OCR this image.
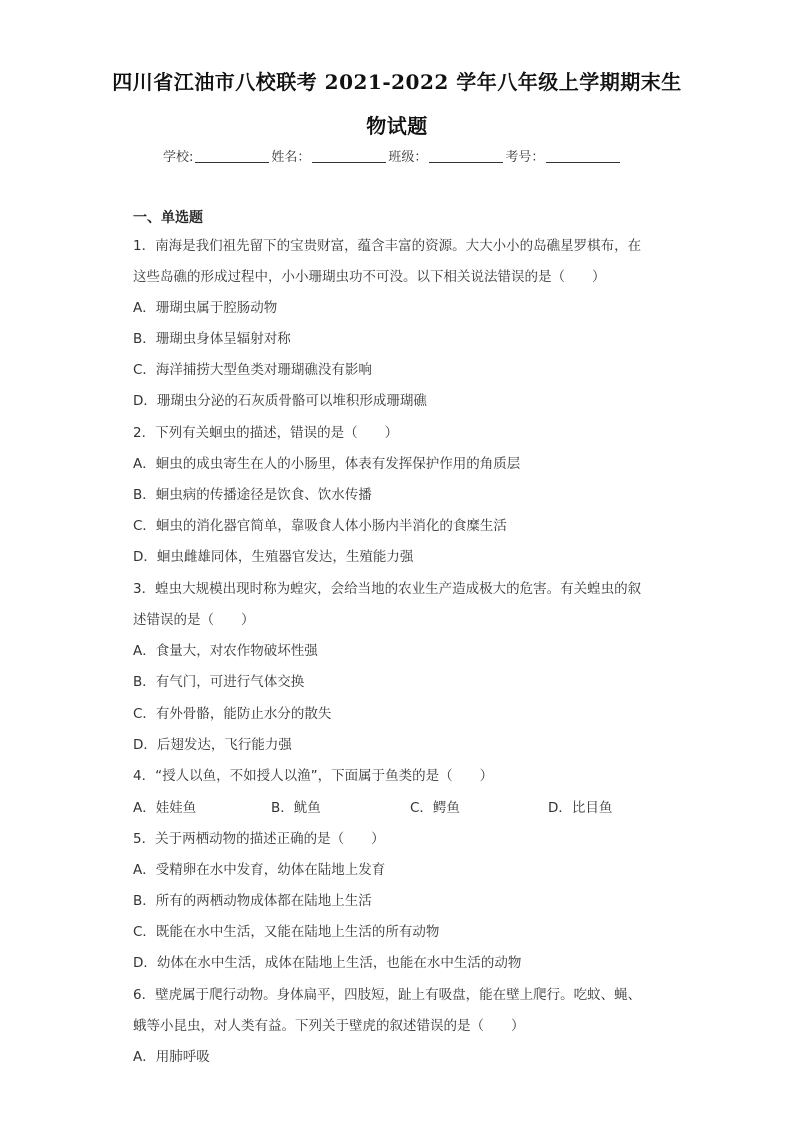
四川省江油市八校联考 2021-2022 学年八年级上学期期末生
物试题
学校:	姓名：	班级：	考号：
一、单选题
1．南海是我们祖先留下的宝贵财富，蕴含丰富的资源。大大小小的岛礁星罗棋布，在
这些岛礁的形成过程中，小小珊瑚虫功不可没。以下相关说法错误的是（　　）
A．珊瑚虫属于腔肠动物
B．珊瑚虫身体呈辐射对称
C．海洋捕捞大型鱼类对珊瑚礁没有影响
D．珊瑚虫分泌的石灰质骨骼可以堆积形成珊瑚礁
2．下列有关蛔虫的描述，错误的是（　　）
A．蛔虫的成虫寄生在人的小肠里，体表有发挥保护作用的角质层
B．蛔虫病的传播途径是饮食、饮水传播
C．蛔虫的消化器官简单，靠吸食人体小肠内半消化的食糜生活
D．蛔虫雌雄同体，生殖器官发达，生殖能力强
3．蝗虫大规模出现时称为蝗灾，会给当地的农业生产造成极大的危害。有关蝗虫的叙
述错误的是（　　）
A．食量大，对农作物破坏性强
B．有气门，可进行气体交换
C．有外骨骼，能防止水分的散失
D．后翅发达，飞行能力强
4．“授人以鱼，不如授人以渔”，下面属于鱼类的是（　　）
A．娃娃鱼	B．鱿鱼	C．鳄鱼	D．比目鱼
5．关于两栖动物的描述正确的是（　　）
A．受精卵在水中发育，幼体在陆地上发育
B．所有的两栖动物成体都在陆地上生活
C．既能在水中生活，又能在陆地上生活的所有动物
D．幼体在水中生活，成体在陆地上生活，也能在水中生活的动物
6．壁虎属于爬行动物。身体扁平，四肢短，趾上有吸盘，能在壁上爬行。吃蚊、蝇、
蛾等小昆虫，对人类有益。下列关于壁虎的叙述错误的是（　　）
A．用肺呼吸
